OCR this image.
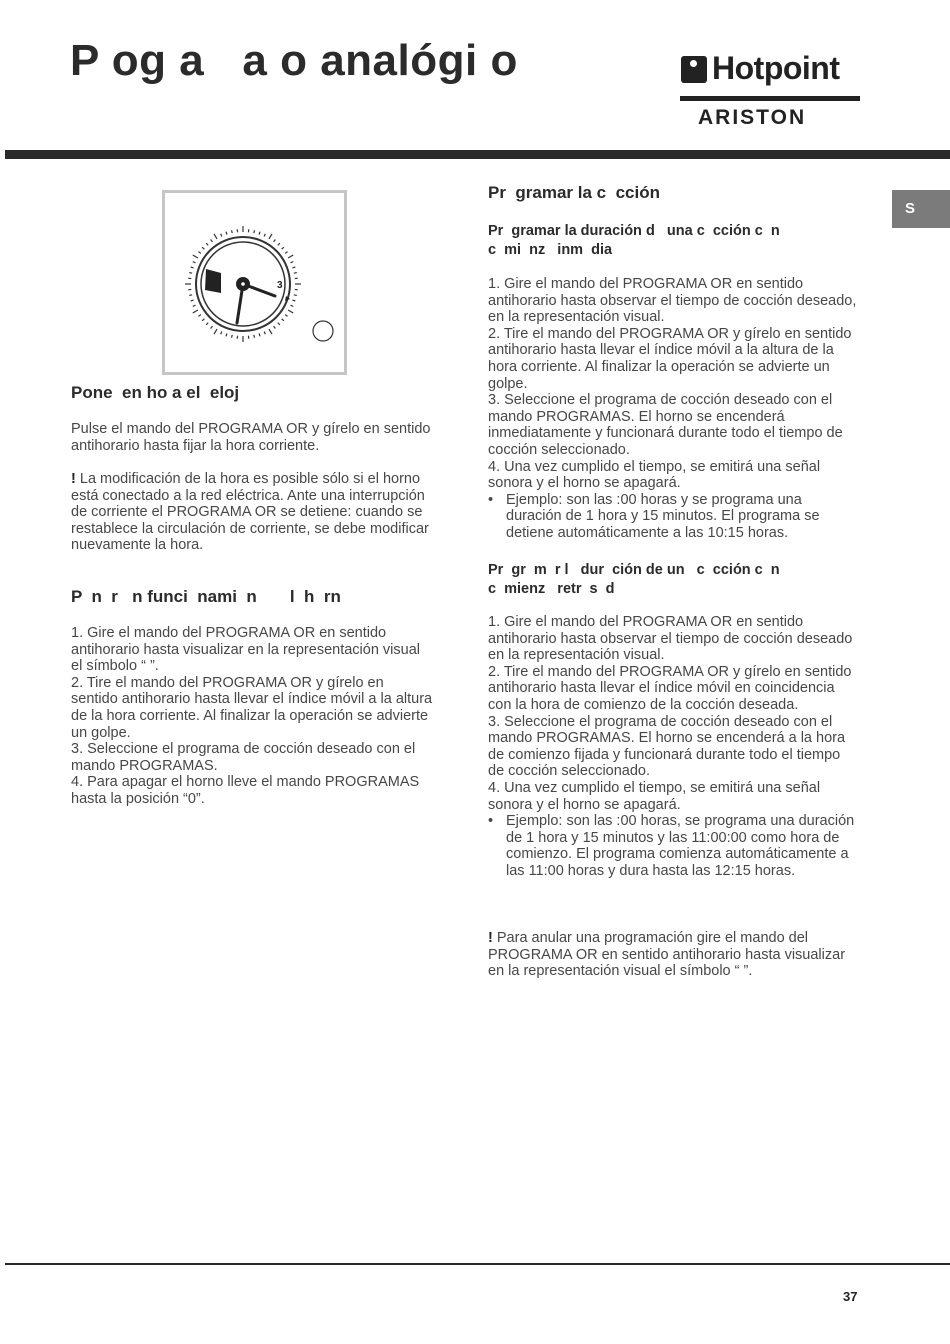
P og a   a o analógi o	Hotpoint
ARISTON
S
3
Pone  en ho a el  eloj

Pulse el mando del PROGRAMA OR y gírelo en sentido antihorario hasta fijar la hora corriente.

! La modificación de la hora es posible sólo si el horno está conectado a la red eléctrica. Ante una interrupción de corriente el PROGRAMA OR se detiene: cuando se restablece la circulación de corriente, se debe modificar nuevamente la hora.

P  n  r   n funci  nami  n       l  h  rn

1. Gire el mando del PROGRAMA OR en sentido antihorario hasta visualizar en la representación visual el símbolo “ ”.

2. Tire el mando del PROGRAMA OR y gírelo en sentido antihorario hasta llevar el índice móvil a la altura de la hora corriente. Al finalizar la operación se advierte un golpe.

3. Seleccione el programa de cocción deseado con el mando PROGRAMAS.

4. Para apagar el horno lleve el mando PROGRAMAS hasta la posición “0”.

Pr  gramar la c  cción
Pr  gramar la duración d   una c  cción c  n
c  mi  nz   inm  dia

1. Gire el mando del PROGRAMA OR en sentido antihorario hasta observar el tiempo de cocción deseado, en la representación visual.

2. Tire el mando del PROGRAMA OR y gírelo en sentido antihorario hasta llevar el índice móvil a la altura de la hora corriente. Al finalizar la operación se advierte un golpe.

3. Seleccione el programa de cocción deseado con el mando PROGRAMAS. El horno se encenderá inmediatamente y funcionará durante todo el tiempo de cocción seleccionado.

4. Una vez cumplido el tiempo, se emitirá una señal sonora y el horno se apagará.

• Ejemplo: son las :00 horas y se programa una duración de 1 hora y 15 minutos. El programa se detiene automáticamente a las 10:15 horas.

Pr  gr  m  r l   dur  ción de un   c  cción c  n
c  mienz   retr  s  d

1. Gire el mando del PROGRAMA OR en sentido antihorario hasta observar el tiempo de cocción deseado en la representación visual.

2. Tire el mando del PROGRAMA OR y gírelo en sentido antihorario hasta llevar el índice móvil en coincidencia con la hora de comienzo de la cocción deseada.

3. Seleccione el programa de cocción deseado con el mando PROGRAMAS. El horno se encenderá a la hora de comienzo fijada y funcionará durante todo el tiempo de cocción seleccionado.

4. Una vez cumplido el tiempo, se emitirá una señal sonora y el horno se apagará.

• Ejemplo: son las :00 horas, se programa una duración de 1 hora y 15 minutos y las 11:00:00 como hora de comienzo. El programa comienza automáticamente a las 11:00 horas y dura hasta las 12:15 horas.

! Para anular una programación gire el mando del PROGRAMA OR en sentido antihorario hasta visualizar en la representación visual el símbolo “ ”.

37
